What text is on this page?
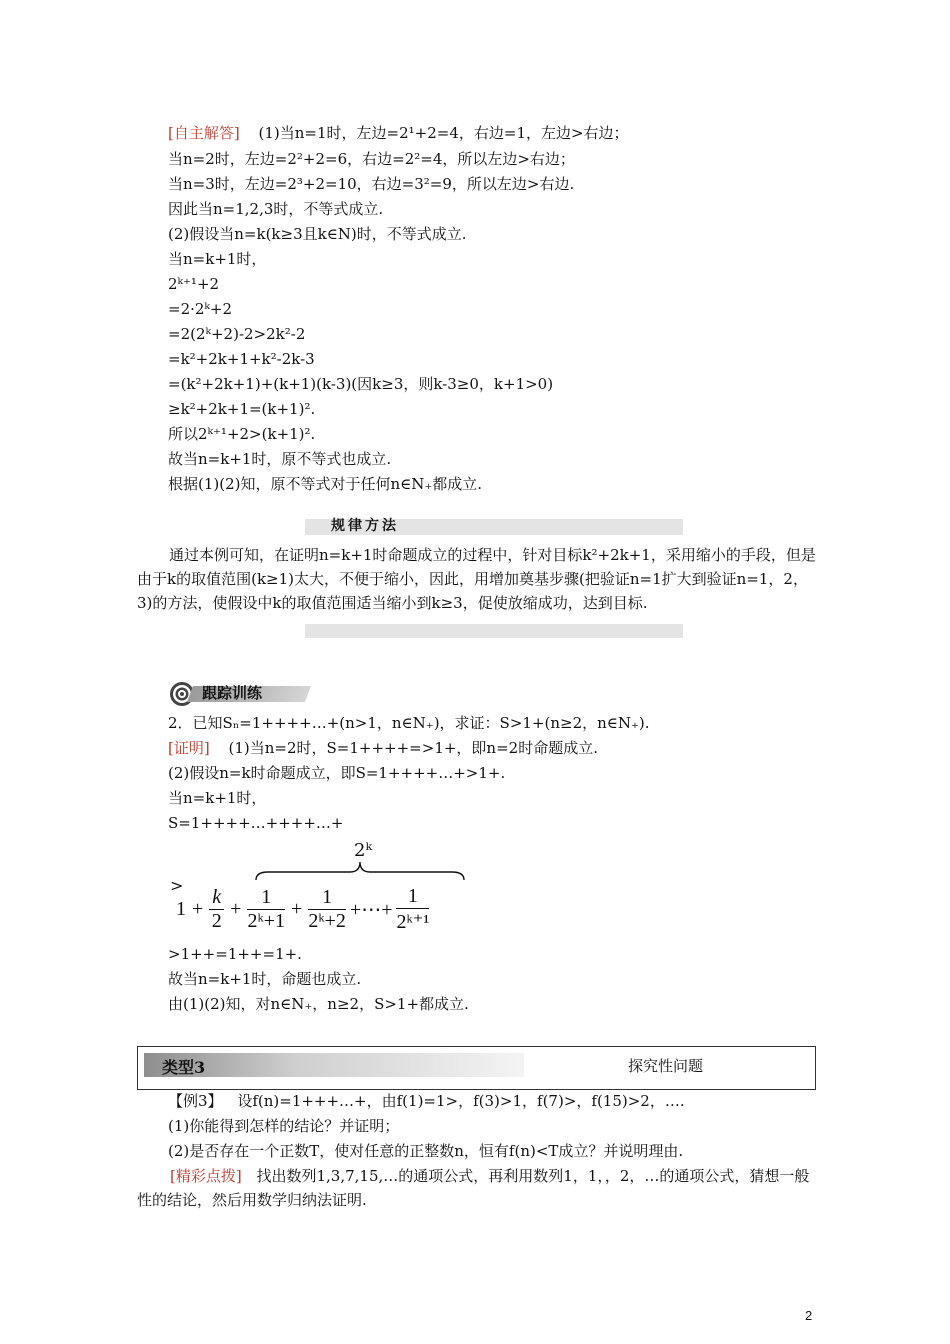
[自主解答] (1)当n=1时，左边=2¹+2=4，右边=1，左边>右边；
当n=2时，左边=2²+2=6，右边=2²=4，所以左边>右边；
当n=3时，左边=2³+2=10，右边=3²=9，所以左边>右边.
因此当n=1,2,3时，不等式成立.
(2)假设当n=k(k≥3且k∈N)时，不等式成立.
当n=k+1时，
2ᵏ⁺¹+2
=2·2ᵏ+2
=2(2ᵏ+2)-2>2k²-2
=k²+2k+1+k²-2k-3
=(k²+2k+1)+(k+1)(k-3)(因k≥3，则k-3≥0，k+1>0)
≥k²+2k+1=(k+1)².
所以2ᵏ⁺¹+2>(k+1)².
故当n=k+1时，原不等式也成立.
根据(1)(2)知，原不等式对于任何n∈N₊都成立.
规律方法
通过本例可知，在证明n=k+1时命题成立的过程中，针对目标k²+2k+1，采用缩小的手段，但是由于k的取值范围(k≥1)太大，不便于缩小，因此，用增加奠基步骤(把验证n=1扩大到验证n=1，2，3)的方法，使假设中k的取值范围适当缩小到k≥3，促使放缩成功，达到目标.
跟踪训练
2．已知Sₙ=1++++…+(n>1，n∈N₊)，求证：S>1+(n≥2，n∈N₊).
[证明] (1)当n=2时，S=1++++=>1+，即n=2时命题成立.
(2)假设n=k时命题成立，即S=1++++…+>1+.
当n=k+1时，
S=1++++…++++…+
2ᵏ
>
$1 + \frac{k}{2} + \frac{1}{\text{2ᵏ+1}} + \frac{1}{\text{2ᵏ+2}}$ +⋯+ $\frac{1}{\text{2ᵏ⁺¹}}$
>1++=1++=1+.
故当n=k+1时，命题也成立.
由(1)(2)知，对n∈N₊，n≥2，S>1+都成立.
类型3	探究性问题
【例3】 设f(n)=1+++…+，由f(1)=1>，f(3)>1，f(7)>，f(15)>2，….
(1)你能得到怎样的结论？并证明；
(2)是否存在一个正数T，使对任意的正整数n，恒有f(n)<T成立？并说明理由.
[精彩点拨] 找出数列1,3,7,15,…的通项公式，再利用数列1，1，，2，…的通项公式，猜想一般性的结论，然后用数学归纳法证明.
2
